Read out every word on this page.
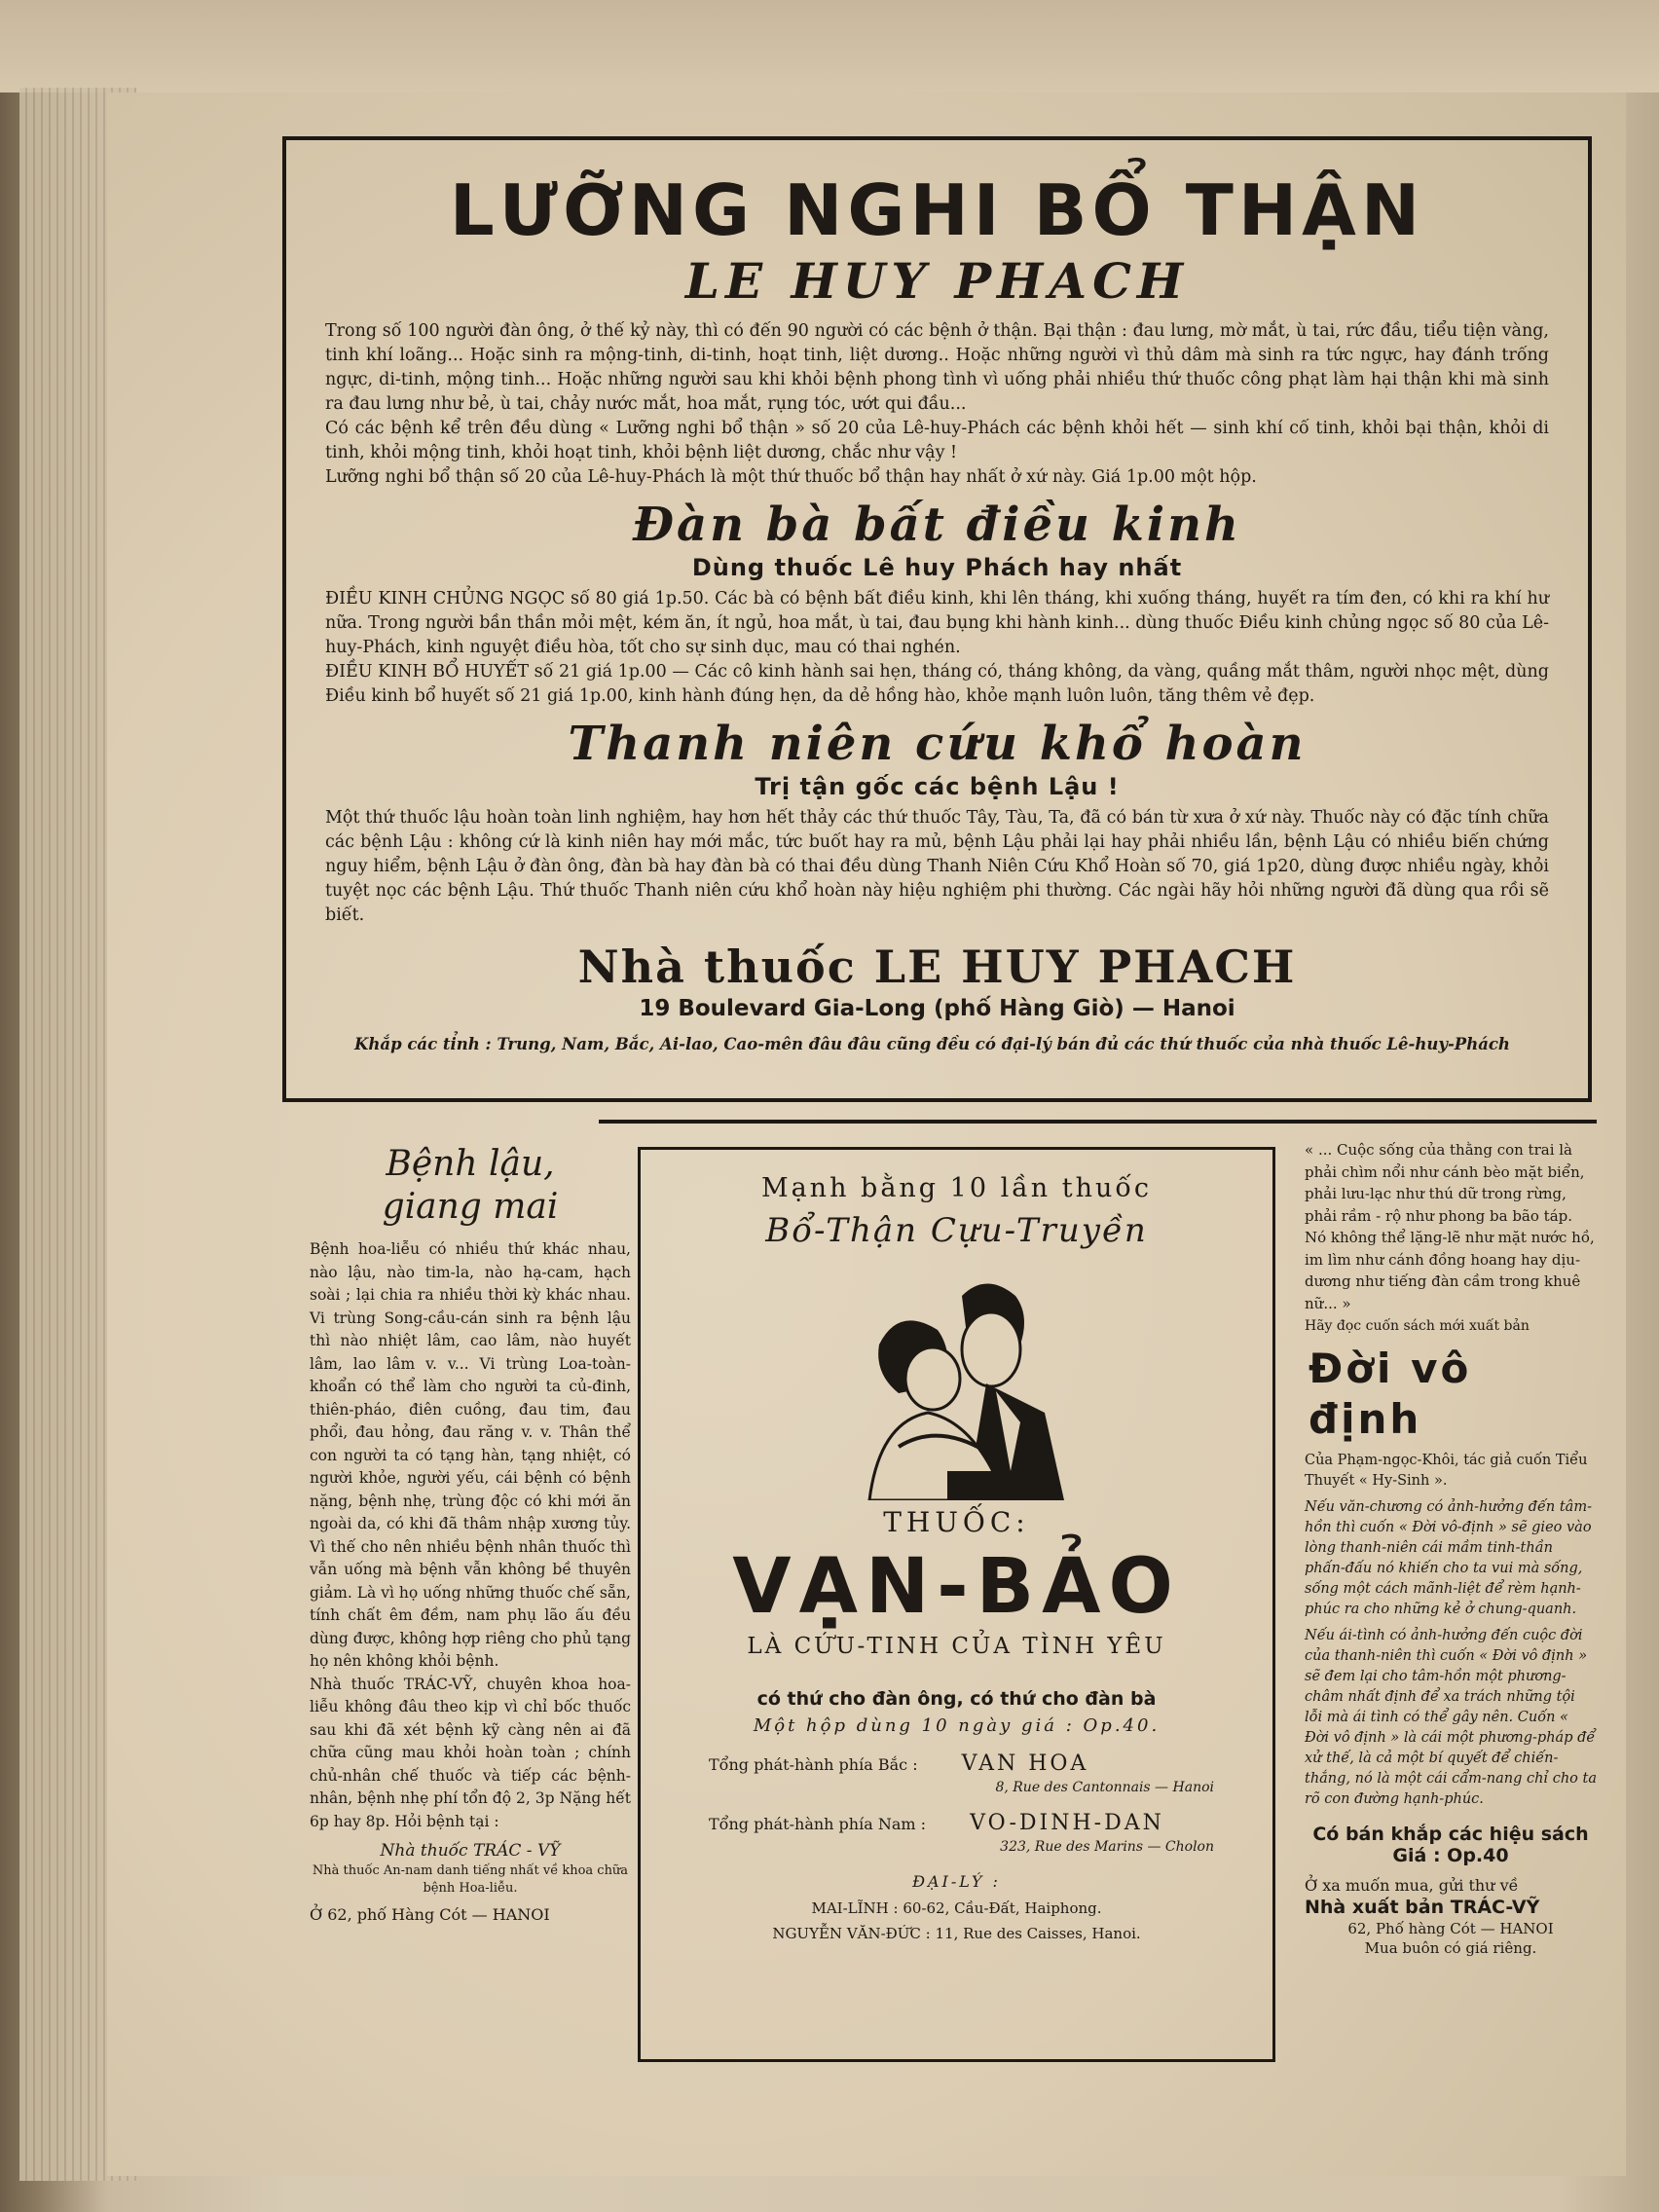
LƯỠNG NGHI BỔ THẬN
LE HUY PHACH

Trong số 100 người đàn ông, ở thế kỷ này, thì có đến 90 người có các bệnh ở thận. Bại thận : đau lưng, mờ mắt, ù tai, rức đầu, tiểu tiện vàng, tinh khí loãng... Hoặc sinh ra mộng-tinh, di-tinh, hoạt tinh, liệt dương.. Hoặc những người vì thủ dâm mà sinh ra tức ngực, hay đánh trống ngực, di-tinh, mộng tinh... Hoặc những người sau khi khỏi bệnh phong tình vì uống phải nhiều thứ thuốc công phạt làm hại thận khi mà sinh ra đau lưng như bẻ, ù tai, chảy nước mắt, hoa mắt, rụng tóc, ướt qui đầu...

Có các bệnh kể trên đều dùng « Lưỡng nghi bổ thận » số 20 của Lê-huy-Phách các bệnh khỏi hết — sinh khí cố tinh, khỏi bại thận, khỏi di tinh, khỏi mộng tinh, khỏi hoạt tinh, khỏi bệnh liệt dương, chắc như vậy !

Lưỡng nghi bổ thận số 20 của Lê-huy-Phách là một thứ thuốc bổ thận hay nhất ở xứ này. Giá 1p.00 một hộp.

Đàn bà bất điều kinh
Dùng thuốc Lê huy Phách hay nhất

ĐIỀU KINH CHỦNG NGỌC số 80 giá 1p.50. Các bà có bệnh bất điều kinh, khi lên tháng, khi xuống tháng, huyết ra tím đen, có khi ra khí hư nữa. Trong người bần thần mỏi mệt, kém ăn, ít ngủ, hoa mắt, ù tai, đau bụng khi hành kinh... dùng thuốc Điều kinh chủng ngọc số 80 của Lê-huy-Phách, kinh nguyệt điều hòa, tốt cho sự sinh dục, mau có thai nghén.

ĐIỀU KINH BỔ HUYẾT số 21 giá 1p.00 — Các cô kinh hành sai hẹn, tháng có, tháng không, da vàng, quầng mắt thâm, người nhọc mệt, dùng Điều kinh bổ huyết số 21 giá 1p.00, kinh hành đúng hẹn, da dẻ hồng hào, khỏe mạnh luôn luôn, tăng thêm vẻ đẹp.

Thanh niên cứu khổ hoàn
Trị tận gốc các bệnh Lậu !

Một thứ thuốc lậu hoàn toàn linh nghiệm, hay hơn hết thảy các thứ thuốc Tây, Tàu, Ta, đã có bán từ xưa ở xứ này. Thuốc này có đặc tính chữa các bệnh Lậu : không cứ là kinh niên hay mới mắc, tức buốt hay ra mủ, bệnh Lậu phải lại hay phải nhiều lần, bệnh Lậu có nhiều biến chứng nguy hiểm, bệnh Lậu ở đàn ông, đàn bà hay đàn bà có thai đều dùng Thanh Niên Cứu Khổ Hoàn số 70, giá 1p20, dùng được nhiều ngày, khỏi tuyệt nọc các bệnh Lậu. Thứ thuốc Thanh niên cứu khổ hoàn này hiệu nghiệm phi thường. Các ngài hãy hỏi những người đã dùng qua rồi sẽ biết.

Nhà thuốc LE HUY PHACH
19 Boulevard Gia-Long (phố Hàng Giò) — Hanoi
Khắp các tỉnh : Trung, Nam, Bắc, Ai-lao, Cao-mên đâu đâu cũng đều có đại-lý bán đủ các thứ thuốc của nhà thuốc Lê-huy-Phách
Bệnh lậu,
giang mai

Bệnh hoa-liễu có nhiều thứ khác nhau, nào lậu, nào tim-la, nào hạ-cam, hạch soài ; lại chia ra nhiều thời kỳ khác nhau. Vi trùng Song-cầu-cán sinh ra bệnh lậu thì nào nhiệt lâm, cao lâm, nào huyết lâm, lao lâm v. v... Vi trùng Loa-toàn-khoẩn có thể làm cho người ta củ-đinh, thiên-pháo, điên cuồng, đau tim, đau phổi, đau hỏng, đau răng v. v. Thân thể con người ta có tạng hàn, tạng nhiệt, có người khỏe, người yếu, cái bệnh có bệnh nặng, bệnh nhẹ, trùng độc có khi mới ăn ngoài da, có khi đã thâm nhập xương tủy. Vì thế cho nên nhiều bệnh nhân thuốc thì vẫn uống mà bệnh vẫn không bề thuyên giảm. Là vì họ uống những thuốc chế sẵn, tính chất êm đềm, nam phụ lão ấu đều dùng được, không hợp riêng cho phủ tạng họ nên không khỏi bệnh.

Nhà thuốc TRÁC-VỸ, chuyên khoa hoa-liễu không đâu theo kịp vì chỉ bốc thuốc sau khi đã xét bệnh kỹ càng nên ai đã chữa cũng mau khỏi hoàn toàn ; chính chủ-nhân chế thuốc và tiếp các bệnh-nhân, bệnh nhẹ phí tổn độ 2, 3p Nặng hết 6p hay 8p. Hỏi bệnh tại :

Nhà thuốc TRÁC - VỸ

Nhà thuốc An-nam danh tiếng nhất về khoa chữa bệnh Hoa-liễu.

Ở 62, phố Hàng Cót — HANOI

Mạnh bằng 10 lần thuốc

Bổ-Thận Cựu-Truyền

THUỐC:

VẠN-BẢO

LÀ CỨU-TINH CỦA TÌNH YÊU

có thứ cho đàn ông, có thứ cho đàn bà

Một hộp dùng 10 ngày giá : Op.40.

Tổng phát-hành phía Bắc : VAN HOA

8, Rue des Cantonnais — Hanoi

Tổng phát-hành phía Nam : VO-DINH-DAN

323, Rue des Marins — Cholon

ĐẠI-LÝ :

MAI-LĨNH : 60-62, Cầu-Đất, Haiphong.

NGUYỄN VĂN-ĐỨC : 11, Rue des Caisses, Hanoi.

« ... Cuộc sống của thằng con trai là phải chìm nổi như cánh bèo mặt biển, phải lưu-lạc như thú dữ trong rừng, phải rầm - rộ như phong ba bão táp. Nó không thể lặng-lẽ như mặt nước hồ, im lìm như cánh đồng hoang hay dịu-dương như tiếng đàn cầm trong khuê nữ... »

Hãy đọc cuốn sách mới xuất bản

Đời vô định

Của Phạm-ngọc-Khôi, tác giả cuốn Tiểu Thuyết « Hy-Sinh ».

Nếu văn-chương có ảnh-hưởng đến tâm-hồn thì cuốn « Đời vô-định » sẽ gieo vào lòng thanh-niên cái mầm tinh-thần phấn-đấu nó khiến cho ta vui mà sống, sống một cách mãnh-liệt để rèm hạnh-phúc ra cho những kẻ ở chung-quanh.

Nếu ái-tình có ảnh-hưởng đến cuộc đời của thanh-niên thì cuốn « Đời vô định » sẽ đem lại cho tâm-hồn một phương-châm nhất định để xa trách những tội lỗi mà ái tình có thể gây nên. Cuốn « Đời vô định » là cái một phương-pháp để xử thế, là cả một bí quyết để chiến-thắng, nó là một cái cẩm-nang chỉ cho ta rõ con đường hạnh-phúc.

Có bán khắp các hiệu sách

Giá : Op.40

Ở xa muốn mua, gửi thư về

Nhà xuất bản TRÁC-VỸ

62, Phố hàng Cót — HANOI

Mua buôn có giá riêng.
